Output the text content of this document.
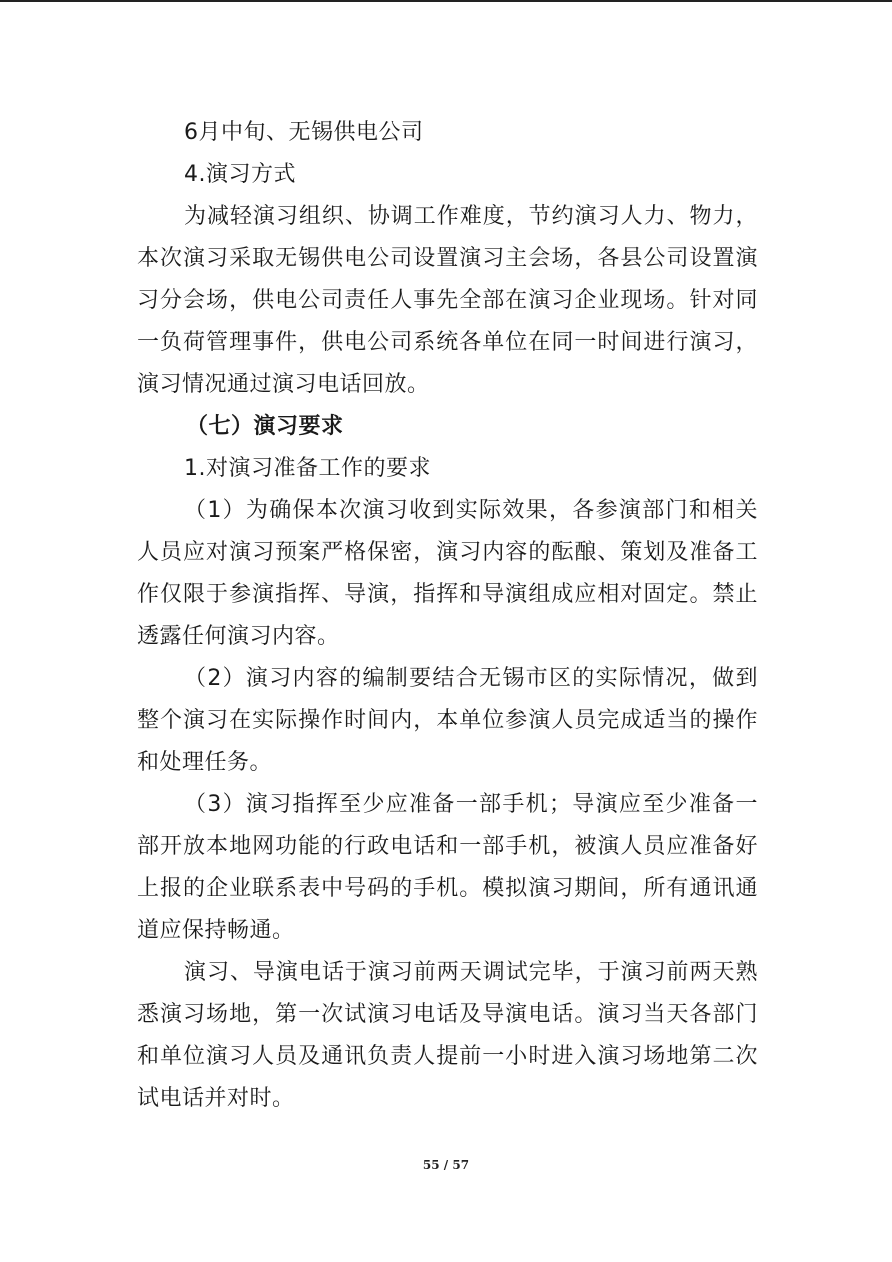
6月中旬、无锡供电公司

4.演习方式

为减轻演习组织、协调工作难度，节约演习人力、物力，本次演习采取无锡供电公司设置演习主会场，各县公司设置演习分会场，供电公司责任人事先全部在演习企业现场。针对同一负荷管理事件，供电公司系统各单位在同一时间进行演习，演习情况通过演习电话回放。

（七）演习要求

1.对演习准备工作的要求

（1）为确保本次演习收到实际效果，各参演部门和相关人员应对演习预案严格保密，演习内容的酝酿、策划及准备工作仅限于参演指挥、导演，指挥和导演组成应相对固定。禁止透露任何演习内容。

（2）演习内容的编制要结合无锡市区的实际情况，做到整个演习在实际操作时间内，本单位参演人员完成适当的操作和处理任务。

（3）演习指挥至少应准备一部手机；导演应至少准备一部开放本地网功能的行政电话和一部手机，被演人员应准备好上报的企业联系表中号码的手机。模拟演习期间，所有通讯通道应保持畅通。

演习、导演电话于演习前两天调试完毕，于演习前两天熟悉演习场地，第一次试演习电话及导演电话。演习当天各部门和单位演习人员及通讯负责人提前一小时进入演习场地第二次试电话并对时。

55 / 57
